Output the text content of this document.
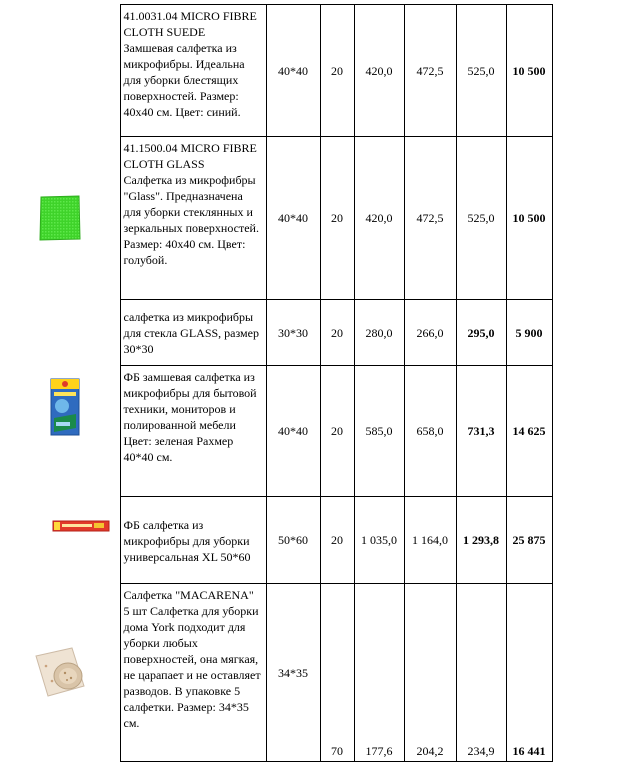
	41.0031.04 MICRO FIBRE CLOTH SUEDE
Замшевая салфетка из микрофибры. Идеальна для уборки блестящих поверхностей. Размер: 40х40 см. Цвет: синий.	40*40	20	420,0	472,5	525,0	10 500

41.1500.04 MICRO FIBRE CLOTH GLASS
Салфетка из микрофибры "Glass". Предназначена для уборки стеклянных и зеркальных поверхностей. Размер: 40х40 см. Цвет: голубой.	40*40	20	420,0	472,5	525,0	10 500
	салфетка из микрофибры для стекла GLASS, размер 30*30	30*30	20	280,0	266,0	295,0	5 900

	ФБ замшевая салфетка из микрофибры для бытовой техники, мониторов и полированной мебели Цвет: зеленая Рахмер 40*40 см.	40*40	20	585,0	658,0	731,3	14 625

	ФБ салфетка из микрофибры для уборки универсальная XL 50*60	50*60	20	1 035,0	1 164,0	1 293,8	25 875

	Салфетка "MACARENA" 5 шт Салфетка для уборки дома York подходит для уборки любых поверхностей, она мягкая, не царапает и не оставляет разводов. В упаковке 5 салфетки. Размер: 34*35 см.	34*35	70	177,6	204,2	234,9	16 441
